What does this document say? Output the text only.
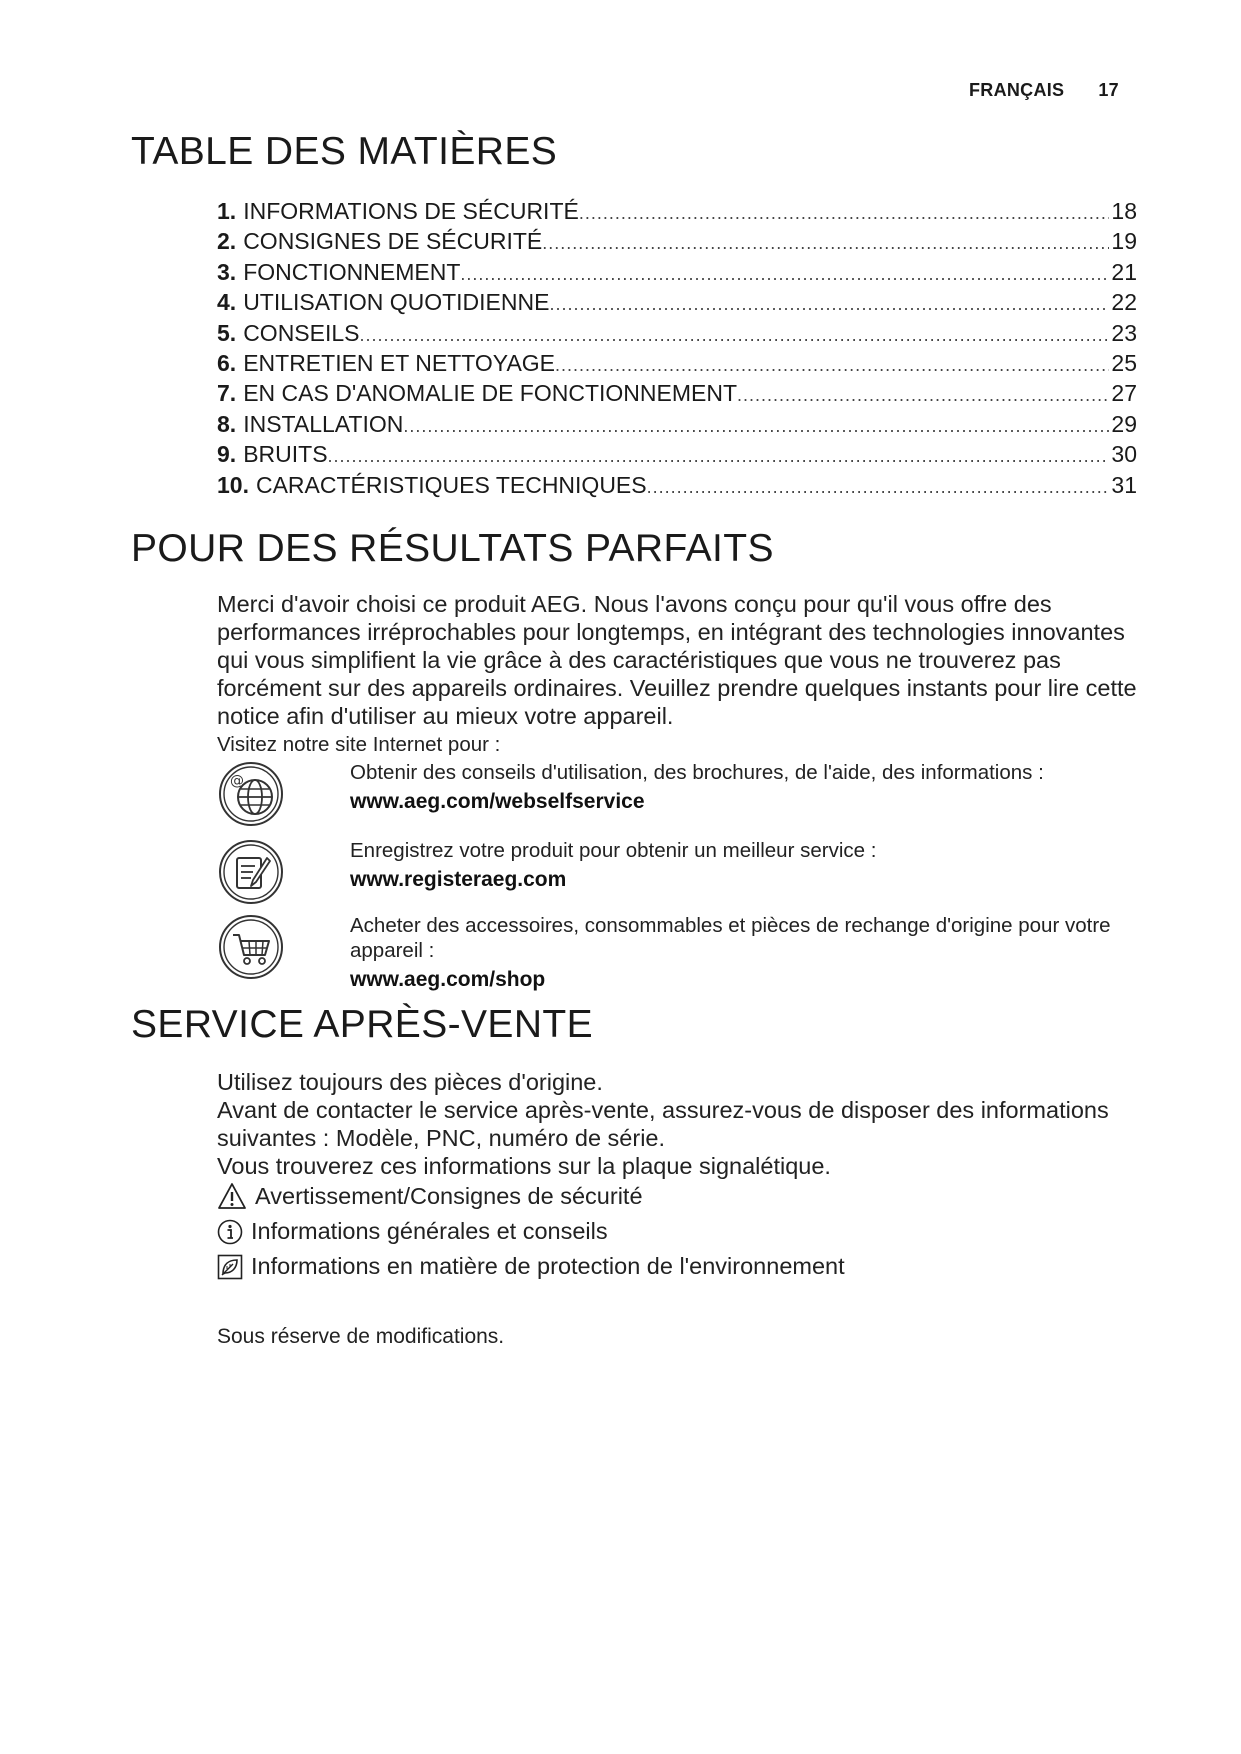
FRANÇAIS 17
TABLE DES MATIÈRES
1. INFORMATIONS DE SÉCURITÉ .....	18
2. CONSIGNES DE SÉCURITÉ .....	19
3. FONCTIONNEMENT .....	21
4. UTILISATION QUOTIDIENNE .....	22
5. CONSEILS .....	23
6. ENTRETIEN ET NETTOYAGE .....	25
7. EN CAS D'ANOMALIE DE FONCTIONNEMENT .....	27
8. INSTALLATION .....	29
9. BRUITS .....	30
10. CARACTÉRISTIQUES TECHNIQUES .....	31
POUR DES RÉSULTATS PARFAITS

Merci d'avoir choisi ce produit AEG. Nous l'avons conçu pour qu'il vous offre des performances irréprochables pour longtemps, en intégrant des technologies innovantes qui vous simplifient la vie grâce à des caractéristiques que vous ne trouverez pas forcément sur des appareils ordinaires. Veuillez prendre quelques instants pour lire cette notice afin d'utiliser au mieux votre appareil.

Visitez notre site Internet pour :

@	Obtenir des conseils d'utilisation, des brochures, de l'aide, des informations :
www.aeg.com/webselfservice
Enregistrez votre produit pour obtenir un meilleur service :
www.registeraeg.com
Acheter des accessoires, consommables et pièces de rechange d'origine pour votre appareil :
www.aeg.com/shop
SERVICE APRÈS-VENTE

Utilisez toujours des pièces d'origine.

Avant de contacter le service après-vente, assurez-vous de disposer des informations suivantes : Modèle, PNC, numéro de série.

Vous trouverez ces informations sur la plaque signalétique.

Avertissement/Consignes de sécurité
Informations générales et conseils
Informations en matière de protection de l'environnement

Sous réserve de modifications.
